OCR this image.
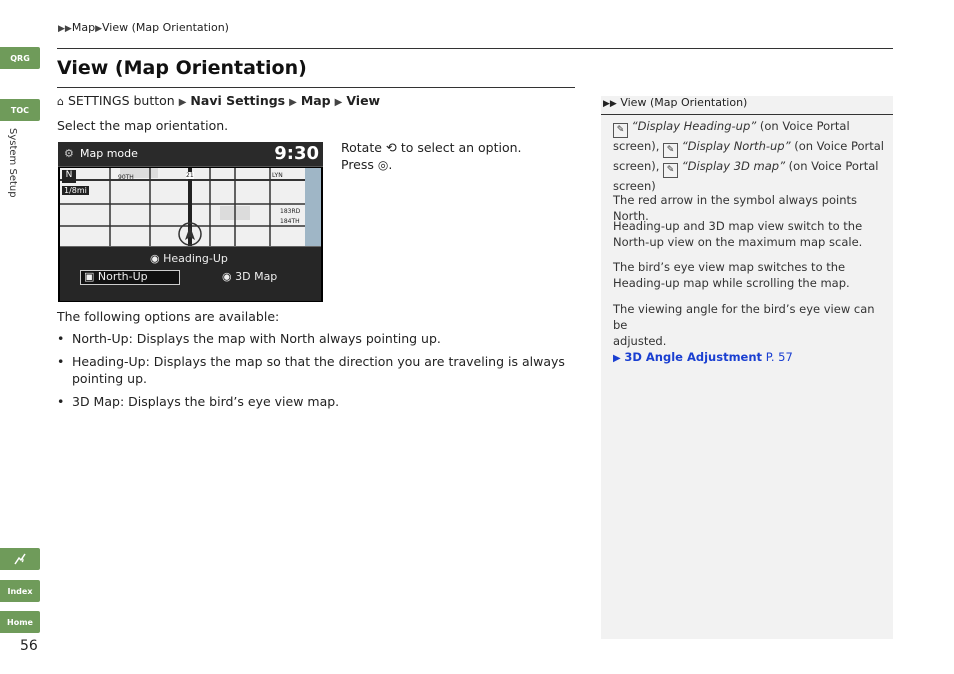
QRG
TOC
System Setup
Index
Home
56
▶▶Map▶View (Map Orientation)
View (Map Orientation)
⌂ SETTINGS button ▶ Navi Settings ▶ Map ▶ View
Select the map orientation.
⚙ Map mode	9:30
N
1/8mi
90TH	21
183RD
184TH
LYN
◉ Heading-Up
▣ North-Up	◉ 3D Map
Rotate ⟲ to select an option.
Press ◎.
The following options are available:
• North-Up: Displays the map with North always pointing up.
• Heading-Up: Displays the map so that the direction you are traveling is always
pointing up.
• 3D Map: Displays the bird’s eye view map.
▶▶ View (Map Orientation)
✎ “Display Heading-up” (on Voice Portal
screen), ✎ “Display North-up” (on Voice Portal
screen), ✎ “Display 3D map” (on Voice Portal
screen)
The red arrow in the symbol always points North.
Heading-up and 3D map view switch to the
North-up view on the maximum map scale.
The bird’s eye view map switches to the
Heading-up map while scrolling the map.
The viewing angle for the bird’s eye view can be
adjusted.
▶ 3D Angle Adjustment P. 57
